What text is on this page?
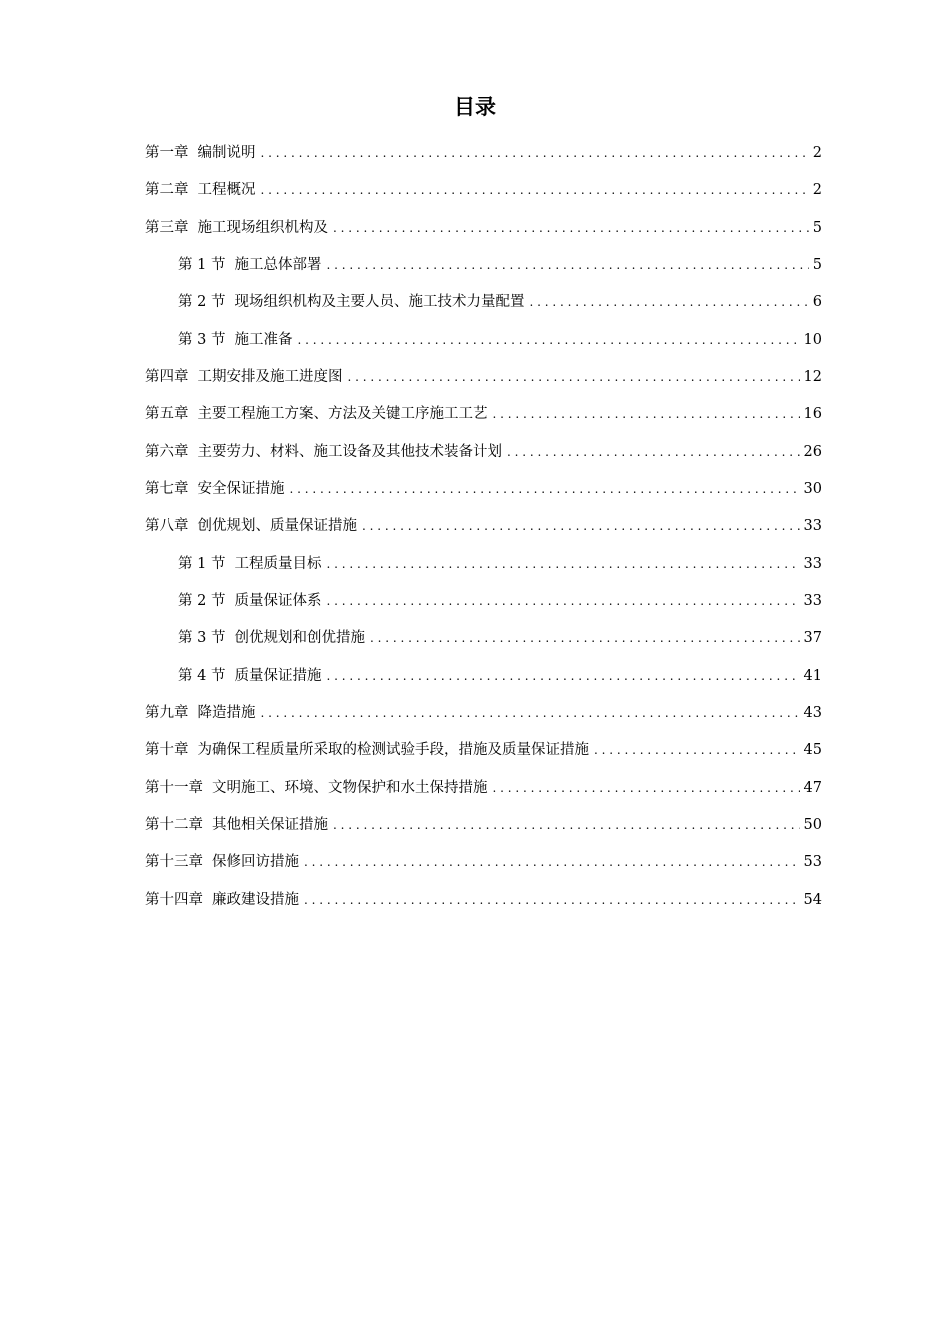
目录
第一章 编制说明 . . .	2
第二章 工程概况 . . .	2
第三章 施工现场组织机构及 . . .	5
第 1 节 施工总体部署 . . .	5
第 2 节 现场组织机构及主要人员、施工技术力量配置 . . .	6
第 3 节 施工准备 . . .	10
第四章 工期安排及施工进度图 . . .	12
第五章 主要工程施工方案、方法及关键工序施工工艺 . . .	16
第六章 主要劳力、材料、施工设备及其他技术装备计划 . . .	26
第七章 安全保证措施 . . .	30
第八章 创优规划、质量保证措施 . . .	33
第 1 节 工程质量目标 . . .	33
第 2 节 质量保证体系 . . .	33
第 3 节 创优规划和创优措施 . . .	37
第 4 节 质量保证措施 . . .	41
第九章 降造措施 . . .	43
第十章 为确保工程质量所采取的检测试验手段，措施及质量保证措施 . . .	45
第十一章 文明施工、环境、文物保护和水土保持措施 . . .	47
第十二章 其他相关保证措施 . . .	50
第十三章 保修回访措施 . . .	53
第十四章 廉政建设措施 . . .	54
